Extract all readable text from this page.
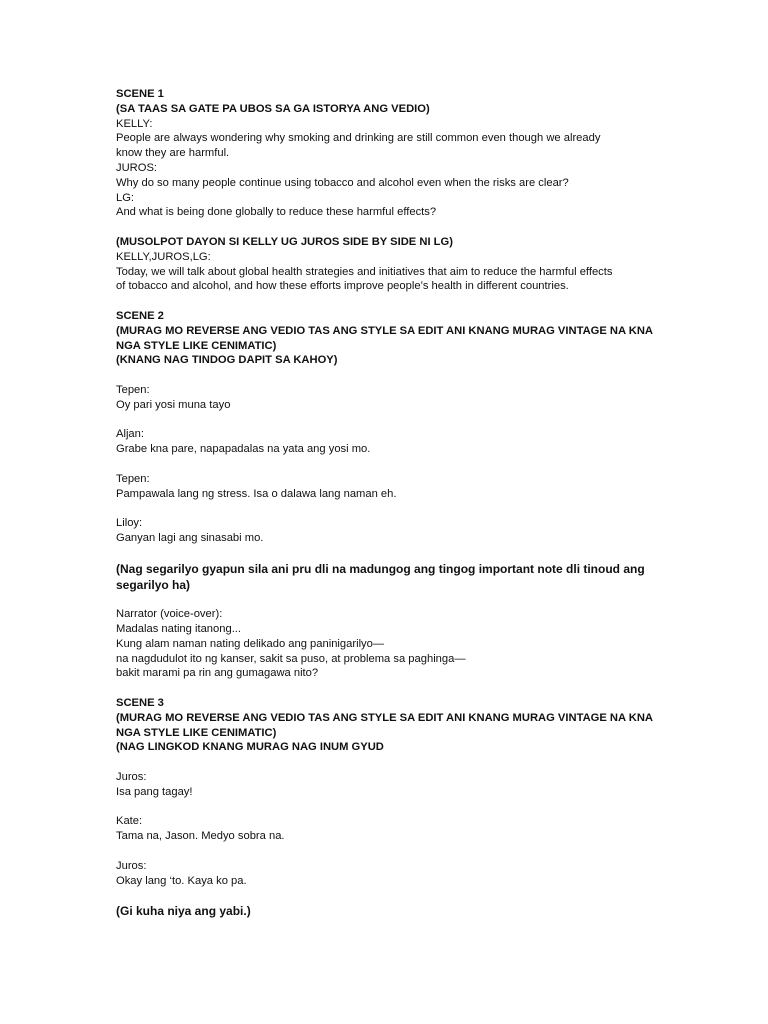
SCENE 1
(SA TAAS SA GATE PA UBOS SA GA ISTORYA ANG VEDIO)
KELLY:
People are always wondering why smoking and drinking are still common even though we already
know they are harmful.
JUROS:
Why do so many people continue using tobacco and alcohol even when the risks are clear?
LG:
And what is being done globally to reduce these harmful effects?
(MUSOLPOT DAYON SI KELLY UG JUROS SIDE BY SIDE NI LG)
KELLY,JUROS,LG:
Today, we will talk about global health strategies and initiatives that aim to reduce the harmful effects
of tobacco and alcohol, and how these efforts improve people’s health in different countries.
SCENE 2
(MURAG MO REVERSE ANG VEDIO TAS ANG STYLE SA EDIT ANI KNANG MURAG VINTAGE NA KNA
NGA STYLE LIKE CENIMATIC)
(KNANG NAG TINDOG DAPIT SA KAHOY)
Tepen:
Oy pari yosi muna tayo
Aljan:
Grabe kna pare, napapadalas na yata ang yosi mo.
Tepen:
Pampawala lang ng stress. Isa o dalawa lang naman eh.
Liloy:
Ganyan lagi ang sinasabi mo.
(Nag segarilyo gyapun sila ani pru dli na madungog ang tingog important note dli tinoud ang
segarilyo ha)
Narrator (voice-over):
Madalas nating itanong...
Kung alam naman nating delikado ang paninigarilyo—
na nagdudulot ito ng kanser, sakit sa puso, at problema sa paghinga—
bakit marami pa rin ang gumagawa nito?
SCENE 3
(MURAG MO REVERSE ANG VEDIO TAS ANG STYLE SA EDIT ANI KNANG MURAG VINTAGE NA KNA
NGA STYLE LIKE CENIMATIC)
(NAG LINGKOD KNANG MURAG NAG INUM GYUD
Juros:
Isa pang tagay!
Kate:
Tama na, Jason. Medyo sobra na.
Juros:
Okay lang ‘to. Kaya ko pa.
(Gi kuha niya ang yabi.)
